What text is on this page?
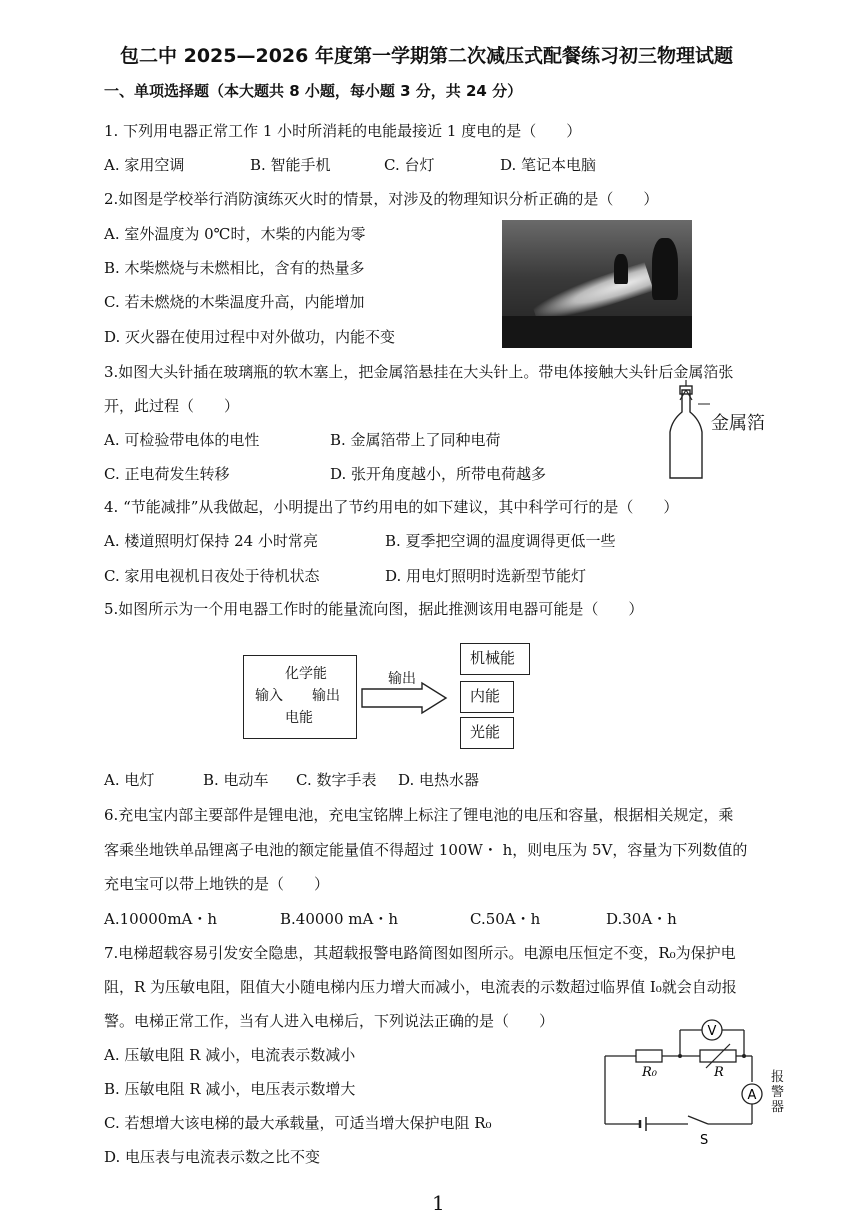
包二中 2025—2026 年度第一学期第二次减压式配餐练习初三物理试题
一、单项选择题（本大题共 8 小题，每小题 3 分，共 24 分）
1. 下列用电器正常工作 1 小时所消耗的电能最接近 1 度电的是（　　）
A. 家用空调	B. 智能手机	C. 台灯	D. 笔记本电脑
2.如图是学校举行消防演练灭火时的情景，对涉及的物理知识分析正确的是（　　）
A. 室外温度为 0℃时，木柴的内能为零
B. 木柴燃烧与未燃相比，含有的热量多
C. 若未燃烧的木柴温度升高，内能增加
D. 灭火器在使用过程中对外做功，内能不变
3.如图大头针插在玻璃瓶的软木塞上，把金属箔悬挂在大头针上。带电体接触大头针后金属箔张
开，此过程（　　）
A. 可检验带电体的电性	B. 金属箔带上了同种电荷
C. 正电荷发生转移	D. 张开角度越小，所带电荷越多
金属箔
4. “节能减排”从我做起，小明提出了节约用电的如下建议，其中科学可行的是（　　）
A. 楼道照明灯保持 24 小时常亮	B. 夏季把空调的温度调得更低一些
C. 家用电视机日夜处于待机状态	D. 用电灯照明时选新型节能灯
5.如图所示为一个用电器工作时的能量流向图，据此推测该用电器可能是（　　）
化学能
输入 输出
电能
输出
机械能
内能
光能
A. 电灯	B. 电动车 C. 数字手表 D. 电热水器
6.充电宝内部主要部件是锂电池，充电宝铭牌上标注了锂电池的电压和容量，根据相关规定，乘
客乘坐地铁单品锂离子电池的额定能量值不得超过 100W・ h，则电压为 5V，容量为下列数值的
充电宝可以带上地铁的是（　　）
A.10000mA・h	B.40000 mA・h	C.50A・h	D.30A・h
7.电梯超载容易引发安全隐患，其超载报警电路简图如图所示。电源电压恒定不变，R₀为保护电
阻，R 为压敏电阻，阻值大小随电梯内压力增大而减小，电流表的示数超过临界值 I₀就会自动报
警。电梯正常工作，当有人进入电梯后，下列说法正确的是（　　）
A. 压敏电阻 R 减小，电流表示数减小
B. 压敏电阻 R 减小，电压表示数增大
C. 若想增大该电梯的最大承载量，可适当增大保护电阻 R₀
D. 电压表与电流表示数之比不变
V
A
R₀	R
S
报警器
1
